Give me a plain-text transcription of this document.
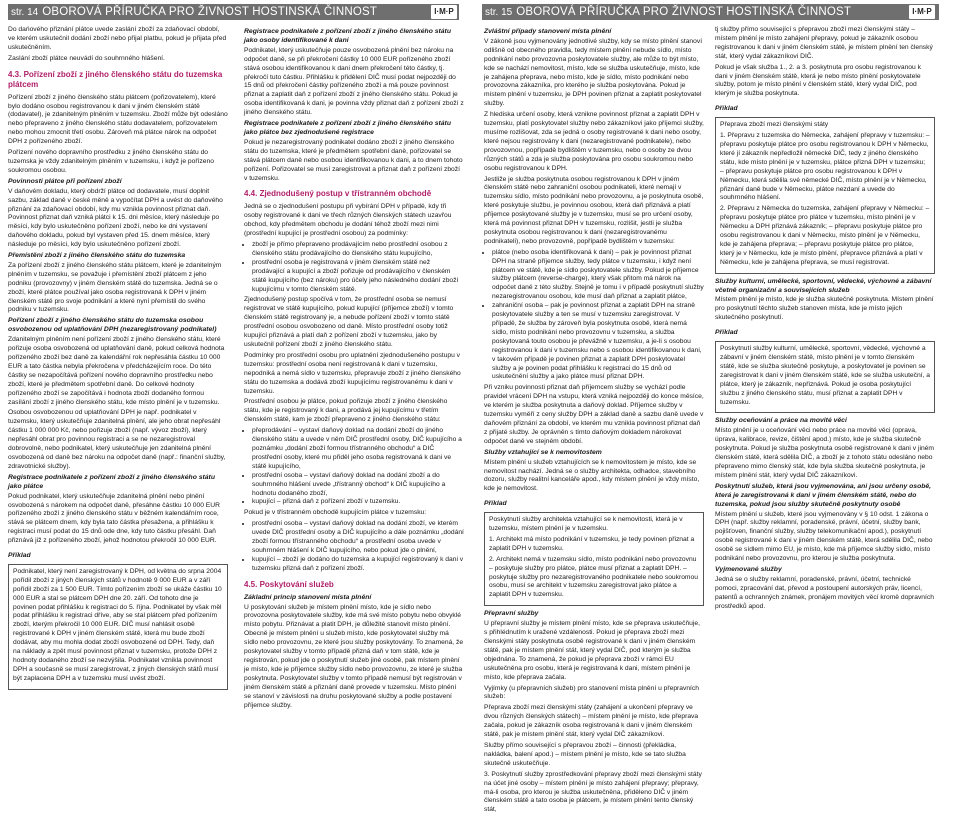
str. 14 OBOROVÁ PŘÍRUČKA PRO ŽIVNOST HOSTINSKÁ ČINNOST	I·M·P

Do dańového přiznání plátce uvede zaslání zboží za zdaňovací období, ve kterém uskutečnil dodání zboží nebo přijal platbu, pokud je přijata před uskutečněním.

Zaslání zboží plátce neuvádí do souhrnného hlášení.

4.3. Pořízení zboží z jiného členského státu do tuzemska plátcem

Pořízení zboží z jiného členského státu plátcem (pořizovatelem), které bylo dodáno osobou registrovanou k dani v jiném členském státě (dodavatel), je zdanitelným plněním v tuzemsku. Zboží může být odesláno nebo přepraveno z jiného členského státu dodavatelem, pořizovatelem nebo mohou zmocnit třetí osobu. Zároveň má plátce nárok na odpočet DPH z pořízeného zboží.

Pořízení nového dopravního prostředku z jiného členského státu do tuzemska je vždy zdanitelným plněním v tuzemsku, i když je pořízeno soukromou osobou.

Povinnosti plátce při pořízení zboží

V daňovém dokladu, který obdrží plátce od dodavatele, musí doplnit sazbu, základ daně v české měně a vypočítat DPH a uvést do daňového přiznání za zdaňovací období, kdy mu vznikla povinnost přiznat daň. Povinnost přiznat daň vzniká plátci k 15. dni měsíce, který následuje po měsíci, kdy bylo uskutečněno pořízení zboží, nebo ke dni vystavení daňového dokladu, pokud byl vystaven před 15. dnem měsíce, který následuje po měsíci, kdy bylo uskutečněno pořízení zboží.

Přemístění zboží z jiného členského státu do tuzemska

Za pořízení zboží z jiného členského státu plátcem, které je zdanitelným plněním v tuzemsku, se považuje i přemístění zboží plátcem z jeho podniku (provozovny) v jiném členském státě do tuzemska. Jedná se o zboží, které plátce používal jako osoba registrovaná k DPH v jiném členském státě pro svoje podnikání a které nyní přemístil do svého podniku v tuzemsku.

Pořízení zboží z jiného členského státu do tuzemska osobou osvobozenou od uplatňování DPH (nezaregistrovaný podnikatel)

Zdanitelným plněním není pořízení zboží z jiného členského státu, které pořizuje osoba osvobozená od uplatňování daně, pokud celková hodnota pořízeného zboží bez daně za kalendářní rok nepřesáhla částku 10 000 EUR a tato částka nebyla překročena v předcházejícím roce. Do této částky se nezapočítává pořízení nového dopravního prostředku nebo zboží, které je předmětem spotřební daně. Do celkové hodnoty pořízeného zboží se započítává i hodnota zboží dodaného formou zasílání zboží z jiného členského státu, kde místo plnění je v tuzemsku.

Osobou osvobozenou od uplatňování DPH je např. podnikatel v tuzemsku, který uskutečňuje zdanitelná plnění, ale jeho obrat nepřesáhl částku 1 000 000 Kč, nebo pořizuje zboží (např. vývoz zboží), který nepřesáhl obrat pro povinnou registraci a se ne nezaregistroval dobrovolně, nebo podnikatel, který uskutečňuje jen zdanitelná plnění osvobozená od daně bez nároku na odpočet daně (např.: finanční služby, zdravotnické služby).

Registrace podnikatele z pořízení zboží z jiného členského státu jako plátce

Pokud podnikatel, který uskutečňuje zdanitelná plnění nebo plnění osvobozená s nárokem na odpočet daně, přesáhne částku 10 000 EUR pořízeného zboží z jiného členského státu v běžném kalendářním roce, stává se plátcem dnem, kdy byla tato částka přesažena, a přihlášku k registraci musí podat do 15 dnů ode dne, kdy tuto částku přesáhl. Daň přiznává již z pořízeného zboží, jehož hodnotou překročil 10 000 EUR.

Příklad

Podnikatel, který není zaregistrovaný k DPH, od května do srpna 2004 pořídil zboží z jiných členských států v hodnotě 9 000 EUR a v září pořídil zboží za 1 500 EUR. Tímto pořízením zboží se ukáže částku 10 000 EUR a stal se plátcem DPH dne 20. září. Od tohoto dne je povinen podat přihlášku k registraci do 5. října. Podnikatel by však měl podat přihlášku k registraci dříve, aby se stal plátcem před pořízením zboží, kterým překročil 10 000 EUR. DIČ musí nahlásit osobě registrované k DPH v jiném členském státě, která mu bude zboží dodávat, aby mu mohla dodat zboží osvobozené od DPH. Tedy, daň na náklady a zpět musí povinnost přiznat v tuzemsku, protože DPH z hodnoty dodaného zboží se nezvýšila. Podnikatel vznikla povinnost DPH a současně se musí zaregistrovat, z jiných členských států musí být zaplacena DPH a v tuzemsku musí uvést zboží.

Registrace podnikatele z pořízení zboží z jiného členského státu jako osoby identifikované k dani

Podnikatel, který uskutečňuje pouze osvobozená plnění bez nároku na odpočet daně, se při překročení částky 10 000 EUR pořízeného zboží stává osobou identifikovanou k dani dnem překročení této částky, tj. překročí tuto částku. Přihlášku k přidělení DIČ musí podat nejpozději do 15 dnů od překročení částky pořízeného zboží a má pouze povinnost přiznat a zaplatit daň z pořízení zboží z jiného členského státu. Pokud je osoba identifikovaná k dani, je povinna vždy přiznat daň z pořízení zboží z jiného členského státu.

Registrace podnikatele z pořízení zboží z jiného členského státu jako plátce bez zjednodušené registrace

Pokud je nezaregistrovaný podnikatel dodáno zboží z jiného členského státu do tuzemska, které je předmětem spotřební daně, pořizovatel se stává plátcem daně nebo osobou identifikovanou k dani, a to dnem tohoto pořízení. Pořizovatel se musí zaregistrovat a přiznat daň z pořízení zboží v tuzemsku.

4.4. Zjednodušený postup v třístranném obchodě

Jedná se o zjednodušení postupu při vybírání DPH v případě, kdy tři osoby registrované k dani ve třech různých členských státech uzavřou obchod, kdy předmětem obchodu je dodání téhož zboží mezi nimi (prostřední kupující je prostřední osobou) za podmínky:

• zboží je přímo přepraveno prodávajícím nebo prostřední osobou z členského státu prodávajícího do členského státu kupujícího,
• prostřední osoba je registrovaná v jiném členském státě než prodávající a kupující a zboží pořizuje od prodávajícího v členském státě kupujícího (bez nároku) pro účely jeho následného dodání zboží kupujícímu v tomto členském státě.

Zjednodušený postup spočívá v tom, že prostřední osoba se nemusí registrovat ve státě kupujícího, pokud kupující (příjemce zboží) v tomto členském státě registrovaný je, a nebude pořízení zboží v tomto státě prostřední osobou osvobozeno od daně. Místo prostřední osoby totiž kupující přiznává a platí daň z pořízení zboží v tuzemsku, jako by uskutečnil pořízení zboží z jiného členského státu.

Podmínky pro prostřední osobu pro uplatnění zjednodušeného postupu v tuzemsku: prostřední osoba není registrovaná k dani v tuzemsku, nepodniká a nemá sídlo v tuzemsku, přepravuje zboží z jiného členského státu do tuzemska a dodává zboží kupujícímu registrovanému k dani v tuzemsku.

Prostřední osobou je plátce, pokud pořizuje zboží z jiného členského státu, kde je registrovaný k dani, a prodává jej kupujícímu v třetím členském státě, kam je zboží přepraveno z jiného členského státu:

• přeprodávání – vystaví daňový doklad na dodání zboží do jiného členského státu a uvede v něm DIČ prostřední osoby, DIČ kupujícího a poznámku „dodání zboží formou třístranného obchodu“ a DIČ prostřední osoby, které mu přiděl jeho osoba registrovaná k dani ve státě kupujícího,
• prostřední osoba – vystaví daňový doklad na dodání zboží a do souhrnného hlášení uvede „třístranný obchod“ k DIČ kupujícího a hodnotu dodaného zboží,
• kupující – přizná daň z pořízení zboží v tuzemsku.

Pokud je v třístranném obchodě kupujícím plátce v tuzemsku:

• prostřední osoba – vystaví daňový doklad na dodání zboží, ve kterém uvede DIČ prostřední osoby a DIČ kupujícího a dále poznámku „dodání zboží formou třístranného obchodu“ a prostřední osoba uvede v souhrnném hlášení k DIČ kupujícího, nebo pokud jde o plnění,
• kupující – zboží je dodáno do tuzemska a kupující registrovaný k dani v tuzemsku přizná daň z pořízení zboží.
4.5. Poskytování služeb
Základní princip stanovení místa plnění

U poskytování služeb je místem plnění místo, kde je sídlo nebo provozovna poskytovatele služby, kde má své místo pobytu nebo obvyklé místo pobytu. Přiznávat a platit DPH, je důležité stanovit místo plnění. Obecně je místem plnění u služeb místo, kde poskytovatel služby má sídlo nebo provozovnu, ze které jsou služby poskytovány. To znamená, že poskytovatel služby v tomto případě přizná daň v tom státě, kde je registrován, pokud jde o poskytnutí služeb jiné osobě, pak místem plnění je místo, kde je příjemce služby sídlo nebo provozovnu, ze které je služba poskytnuta. Poskytovatel služby v tomto případě nemusí být registrován v jiném členském státě a přiznání daně provede v tuzemsku. Místo plnění se stanoví v závislosti na druhu poskytované služby a podle postavení příjemce služby.

str. 15 OBOROVÁ PŘÍRUČKA PRO ŽIVNOST HOSTINSKÁ ČINNOST	I·M·P
Zvláštní případy stanovení místa plnění

V zákoně jsou vyjmenovány jednotlivé služby, kdy se místo plnění stanoví odlišně od obecného pravidla, tedy místem plnění nebude sídlo, místo podnikání nebo provozovna poskytovatele služby, ale může to být místo, kde se nachází nemovitost, místo, kde se služba uskutečňuje, místo, kde je zahájena přeprava, nebo místo, kde je sídlo, místo podnikání nebo provozovna zákazníka, pro kterého je služba poskytována. Pokud je místem plnění v tuzemsku, je DPH povinen přiznat a zaplatit poskytovatel služby.

Z hlediska určení osoby, která vznikne povinnost přiznat a zaplatit DPH v tuzemsku, platí poskytovatel služby nebo zákazníkovi jako příjemci služby, musíme rozlišovat, zda se jedná o osoby registrované k dani nebo osoby, které nejsou registrovány k dani (nezaregistrované podnikatele), nebo provozovnou, popřípadě bydlištěm v tuzemsku, nebo o osoby ze dvou různých států a zda je služba poskytována pro osobu soukromou nebo osobu registrovanou k DPH.

Jestliže je služba poskytnuta osobou registrovanou k DPH v jiném členském státě nebo zahraniční osobou podnikateli, které nemají v tuzemsku sídlo, místo podnikání nebo provozovnu, a je poskytnuta osobě, které poskytuje službu, je povinnou osobou, která daň přiznává a platí příjemce poskytované služby je v tuzemsku, musí se pro určení osoby, která má povinnost přiznat DPH v tuzemsku, rozlišit, jestli je služba poskytnuta osobou registrovanou k dani (nezaregistrovanému podnikateli), nebo provozovně, popřípadě bydlištěm v tuzemsku:

• plátce (nebo osoba identifikovaná k dani) – pak je povinnost přiznat DPH na straně příjemce služby, tedy plátce v tuzemsku, i když není plátcem ve státě, kde je sídlo poskytovatele služby. Pokud je příjemce služby plátcem (reverse-charge), který však přitom má nárok na odpočet daně z této služby. Stejně je tomu i v případě poskytnutí služby nezaregistrovanou osobou, kde musí daň přiznat a zaplatit plátce,
• zahraniční osoba – pak je povinnost přiznat a zaplatit DPH na straně poskytovatele služby a ten se musí v tuzemsku zaregistrovat. V případě, že služba by zároveň byla poskytnuta osobě, která nemá sídlo, místo podnikání nebo provozovnu v tuzemsku, a služba poskytovaná touto osobou je převážně v tuzemsku, a je-li s osobou registrovanou k dani v tuzemsku nebo s osobou identifikovanou k dani, v takovém případě je povinen přiznat a zaplatit DPH poskytovatel služby a je povinen podat přihlášku k registraci do 15 dnů od uskutečnění služby a jako plátce musí přiznat DPH.

Při vzniku povinnosti přiznat daň příjemcem služby se vychází podle pravidel vrácení DPH na vstupu, která vzniká nejpozději do konce měsíce, ve kterém je služba poskytnuta a daňový doklad. Příjemce služby v tuzemsku vyměří z ceny služby DPH a základ daně a sazbu daně uvede v daňovém přiznání za období, ve kterém mu vznikla povinnost přiznat daň z přijaté služby. Je oprávněn s tímto daňovým dokladem nárokovat odpočet daně ve stejném období.

Služby vztahující se k nemovitostem

Místem plnění u služeb vztahujících se k nemovitostem je místo, kde se nemovitost nachází. Jedná se o služby architekta, odhadce, stavebního dozoru, služby realitní kanceláře apod., kdy místem plnění je vždy místo, kde je nemovitost.

Příklad

Poskytnutí služby architekta vztahující se k nemovitosti, která je v tuzemsku, místem plnění je v tuzemsku.

1. Architekt má místo podnikání v tuzemsku, je tedy povinen přiznat a zaplatit DPH v tuzemsku.

2. Architekt nemá v tuzemsku sídlo, místo podnikání nebo provozovnu – poskytuje služby pro plátce, plátce musí přiznat a zaplatit DPH. – poskytuje služby pro nezaregistrovaného podnikatele nebo soukromou osobu, musí se architekt v tuzemsku zaregistrovat jako plátce a zaplatit DPH v tuzemsku.

Přepravní služby

U přepravní služby je místem plnění místo, kde se přeprava uskutečňuje, s přihlédnutím k uražené vzdálenosti. Pokud je přeprava zboží mezi členskými státy poskytnuta osobě registrované k dani v jiném členském státě, pak je místem plnění stát, který vydal DIČ, pod kterým je služba objednána. To znamená, že pokud je přeprava zboží v rámci EU uskutečněna pro osobu, která je registrovaná k dani, místem plnění je místo, kde přeprava začala.

Vyjímky (u přepravních služeb) pro stanovení místa plnění u přepravních služeb:

Přeprava zboží mezi členskými státy (zahájení a ukončení přepravy ve dvou různých členských státech) – místem plnění je místo, kde přeprava začala, pokud je zákazník osoba registrovaná k dani v jiném členském státě, pak je místem plnění stát, který vydal DIČ zákazníkovi.

Služby přímo související s přepravou zboží – činnosti (překládka, nakládka, balení apod.) – místem plnění je místo, kde se tato služba skutečně uskutečňuje.

3. Poskytnutí služby zprostředkování přepravy zboží mezi členskými státy na účet jiné osoby – místem plnění je místo zahájení přepravy; přepravy, má-li osoba, pro kterou je služba uskutečněna, přiděleno DIČ v jiném členském státě a tato osoba je plátcem, je místem plnění tento členský stát,

tj služby přímo související s přepravou zboží mezi členskými státy – místem plnění je místo zahájení přepravy, pokud je zákazník osobou registrovanou k dani v jiném členském státě, je místem plnění ten členský stát, který vydal zákazníkovi DIČ.

Pokud je však služba 1., 2. a 3. poskytnuta pro osobu registrovanou k dani v jiném členském státě, která je nebo místo plnění poskytovatele služby, potom je místo plnění v členském státě, který vydal DIČ, pod kterým je služba poskytnuta.

Příklad

Přeprava zboží mezi členskými státy

1. Přepravu z tuzemska do Německa, zahájení přepravy v tuzemsku: – přepravu poskytuje plátce pro osobu registrovanou k DPH v Německu, které jí zákazník nepředložil německé DIČ, tedy z jiného členského státu, kde místo plnění je v tuzemsku, plátce přizná DPH v tuzemsku; – přepravu poskytuje plátce pro osobu registrovanou k DPH v Německu, která sdělila své německé DIČ, místo plnění je v Německu, přiznání daně bude v Německu, plátce nezdaní a uvede do souhrnného hlášení.

2. Přepravu z Německa do tuzemska, zahájení přepravy v Německu: – přepravu poskytuje plátce pro plátce v tuzemsku, místo plnění je v Německu a DPH přiznává zákazník; – přepravu poskytuje plátce pro osobu registrovanou k dani v Německu, místo plnění je v Německu, kde je zahájena přeprava; – přepravu poskytuje plátce pro plátce, který je v Německu, kde je místo plnění, přepravce přiznává a platí v Německu, kde je zahájena přeprava, se musí registrovat.

Služby kulturní, umělecké, sportovní, vědecké, výchovné a zábavní včetně organizační a souvisejících služeb

Místem plnění je místo, kde je služba skutečně poskytnuta. Místem plnění pro poskytnutí těchto služeb stanoven místa, kde je místo jejich skutečného poskytnutí.

Příklad

Poskytnutí služby kulturní, umělecké, sportovní, vědecké, výchovné a zábavní v jiném členském státě, místo plnění je v tomto členském státě, kde se služba skutečně poskytuje, a poskytovatel je povinen se zaregistrovat k dani v jiném členském státě, kde se služba uskuteční, a plátce, který je zákazník, nepřiznává. Pokud je osoba poskytující službu z jiného členského státu, musí přiznat a zaplatit DPH v tuzemsku.

Služby oceňování a práce na movité věci

Místo plnění je u oceňování věci nebo práce na movité věci (oprava, úprava, kalibrace, revize, čištění apod.) místo, kde je služba skutečně poskytnuta. Pokud je služba poskytnuta osobě registrované k dani v jiném členském státě, která sdělila DIČ, a zboží je z tohoto státu odesláno nebo přepraveno mimo členský stát, kde byla služba skutečně poskytnuta, je místem plnění stát, který vydal DIČ zákazníkovi.

Poskytnutí služeb, která jsou vyjmenována, ani jsou určeny osobě, která je zaregistrovaná k dani v jiném členském státě, nebo do tuzemska, pokud jsou služby skutečně poskytnuty osobě

Místem plnění u služeb, které jsou vyjmenovány v § 10 odst. 1 zákona o DPH (např. služby reklamní, poradenské, právní, účetní, služby bank, pojišťoven, finanční služby, služby telekomunikační apod.), poskytnutí osobě registrované k dani v jiném členském státě, která sdělila DIČ, nebo osobě se sídlem mimo EU, je místo, kde má příjemce služby sídlo, místo podnikání nebo provozovnu, pro kterou je služba poskytnuta.

Vyjmenované služby

Jedná se o služby reklamní, poradenské, právní, účetní, technické pomoci, zpracování dat, převod a postoupení autorských práv, licencí, patentů a ochranných známek, pronájem movitých věcí kromě dopravních prostředků apod.
